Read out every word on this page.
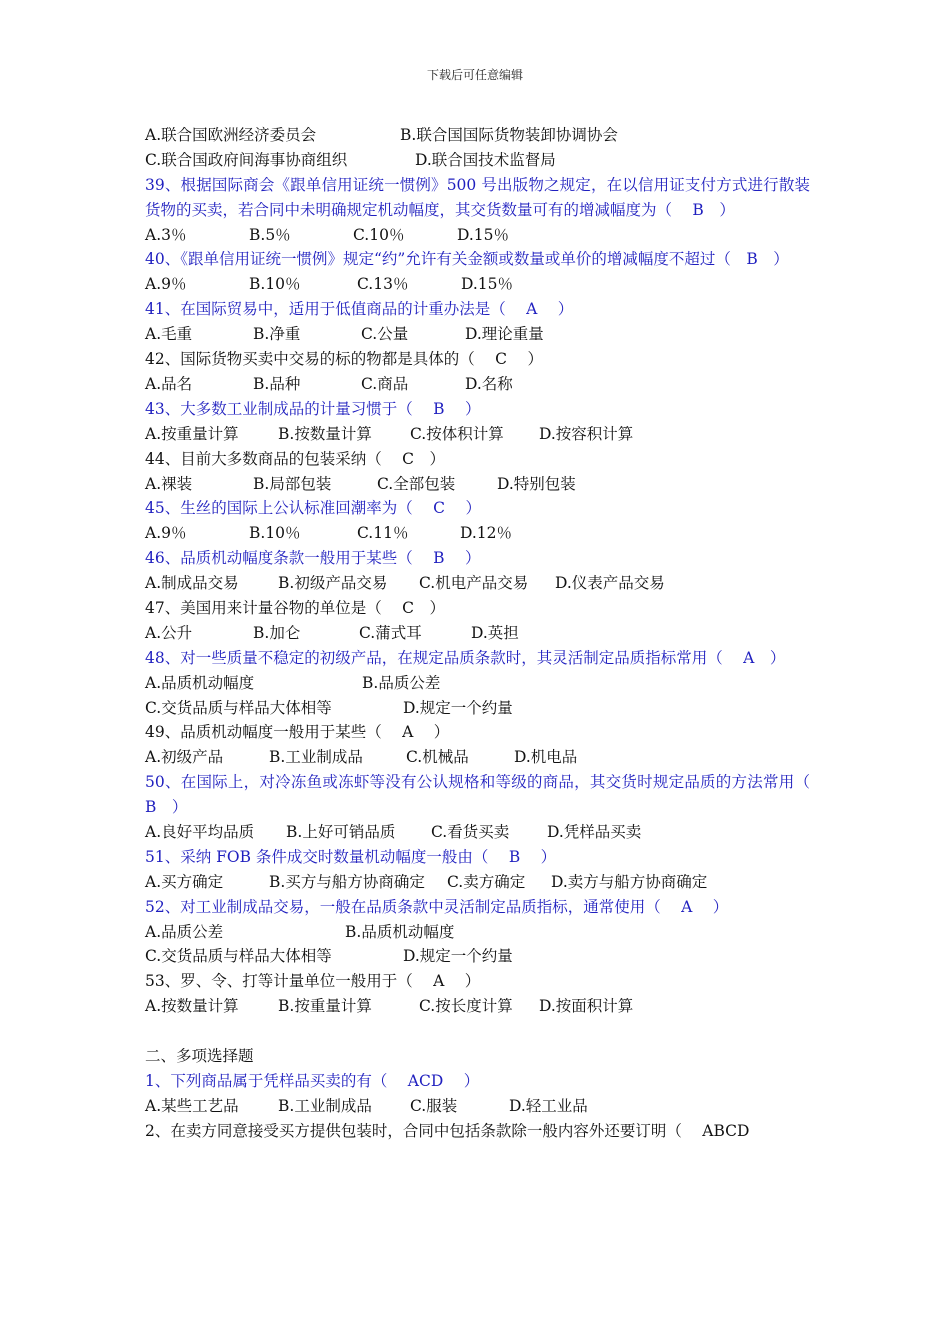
下载后可任意编辑
A.联合国欧洲经济委员会	B.联合国国际货物装卸协调协会
C.联合国政府间海事协商组织	D.联合国技术监督局
39、根据国际商会《跟单信用证统一惯例》500 号出版物之规定，在以信用证支付方式进行散装货物的买卖，若合同中未明确规定机动幅度，其交货数量可有的增减幅度为（　 B　）
A.3％	B.5％	C.10％	D.15％
40、《跟单信用证统一惯例》规定“约”允许有关金额或数量或单价的增减幅度不超过（　B　）
A.9％	B.10％	C.13％	D.15％
41、在国际贸易中，适用于低值商品的计重办法是（　 A　 ）
A.毛重	B.净重	C.公量	D.理论重量
42、国际货物买卖中交易的标的物都是具体的（　 C　 ）
A.品名	B.品种	C.商品	D.名称
43、大多数工业制成品的计量习惯于（　 B　 ）
A.按重量计算	B.按数量计算 C.按体积计算 D.按容积计算
44、目前大多数商品的包装采纳（　 C　）
A.裸装	B.局部包装	C.全部包装	D.特别包装
45、生丝的国际上公认标准回潮率为（　 C　 ）
A.9％	B.10％	C.11％	D.12％
46、品质机动幅度条款一般用于某些（　 B　 ）
A.制成品交易	B.初级产品交易 C.机电产品交易 D.仪表产品交易
47、美国用来计量谷物的单位是（　 C　）
A.公升	B.加仑	C.蒲式耳	D.英担
48、对一些质量不稳定的初级产品，在规定品质条款时，其灵活制定品质指标常用（　 A　）
A.品质机动幅度	B.品质公差
C.交货品质与样品大体相等	D.规定一个约量
49、品质机动幅度一般用于某些（　 A　 ）
A.初级产品	B.工业制成品	C.机械品	D.机电品
50、在国际上，对冷冻鱼或冻虾等没有公认规格和等级的商品，其交货时规定品质的方法常用（　 B　）
A.良好平均品质 B.上好可销品质 C.看货买卖 D.凭样品买卖
51、采纳 FOB 条件成交时数量机动幅度一般由（　 B　 ）
A.买方确定	B.买方与船方协商确定 C.卖方确定 D.卖方与船方协商确定
52、对工业制成品交易，一般在品质条款中灵活制定品质指标，通常使用（　 A　 ）
A.品质公差	B.品质机动幅度
C.交货品质与样品大体相等	D.规定一个约量
53、罗、令、打等计量单位一般用于（　 A　 ）
A.按数量计算	B.按重量计算	C.按长度计算 D.按面积计算
二、多项选择题
1、下列商品属于凭样品买卖的有（　 ACD　 ）
A.某些工艺品	B.工业制成品 C.服装	D.轻工业品
2、在卖方同意接受买方提供包装时，合同中包括条款除一般内容外还要订明（　 ABCD
